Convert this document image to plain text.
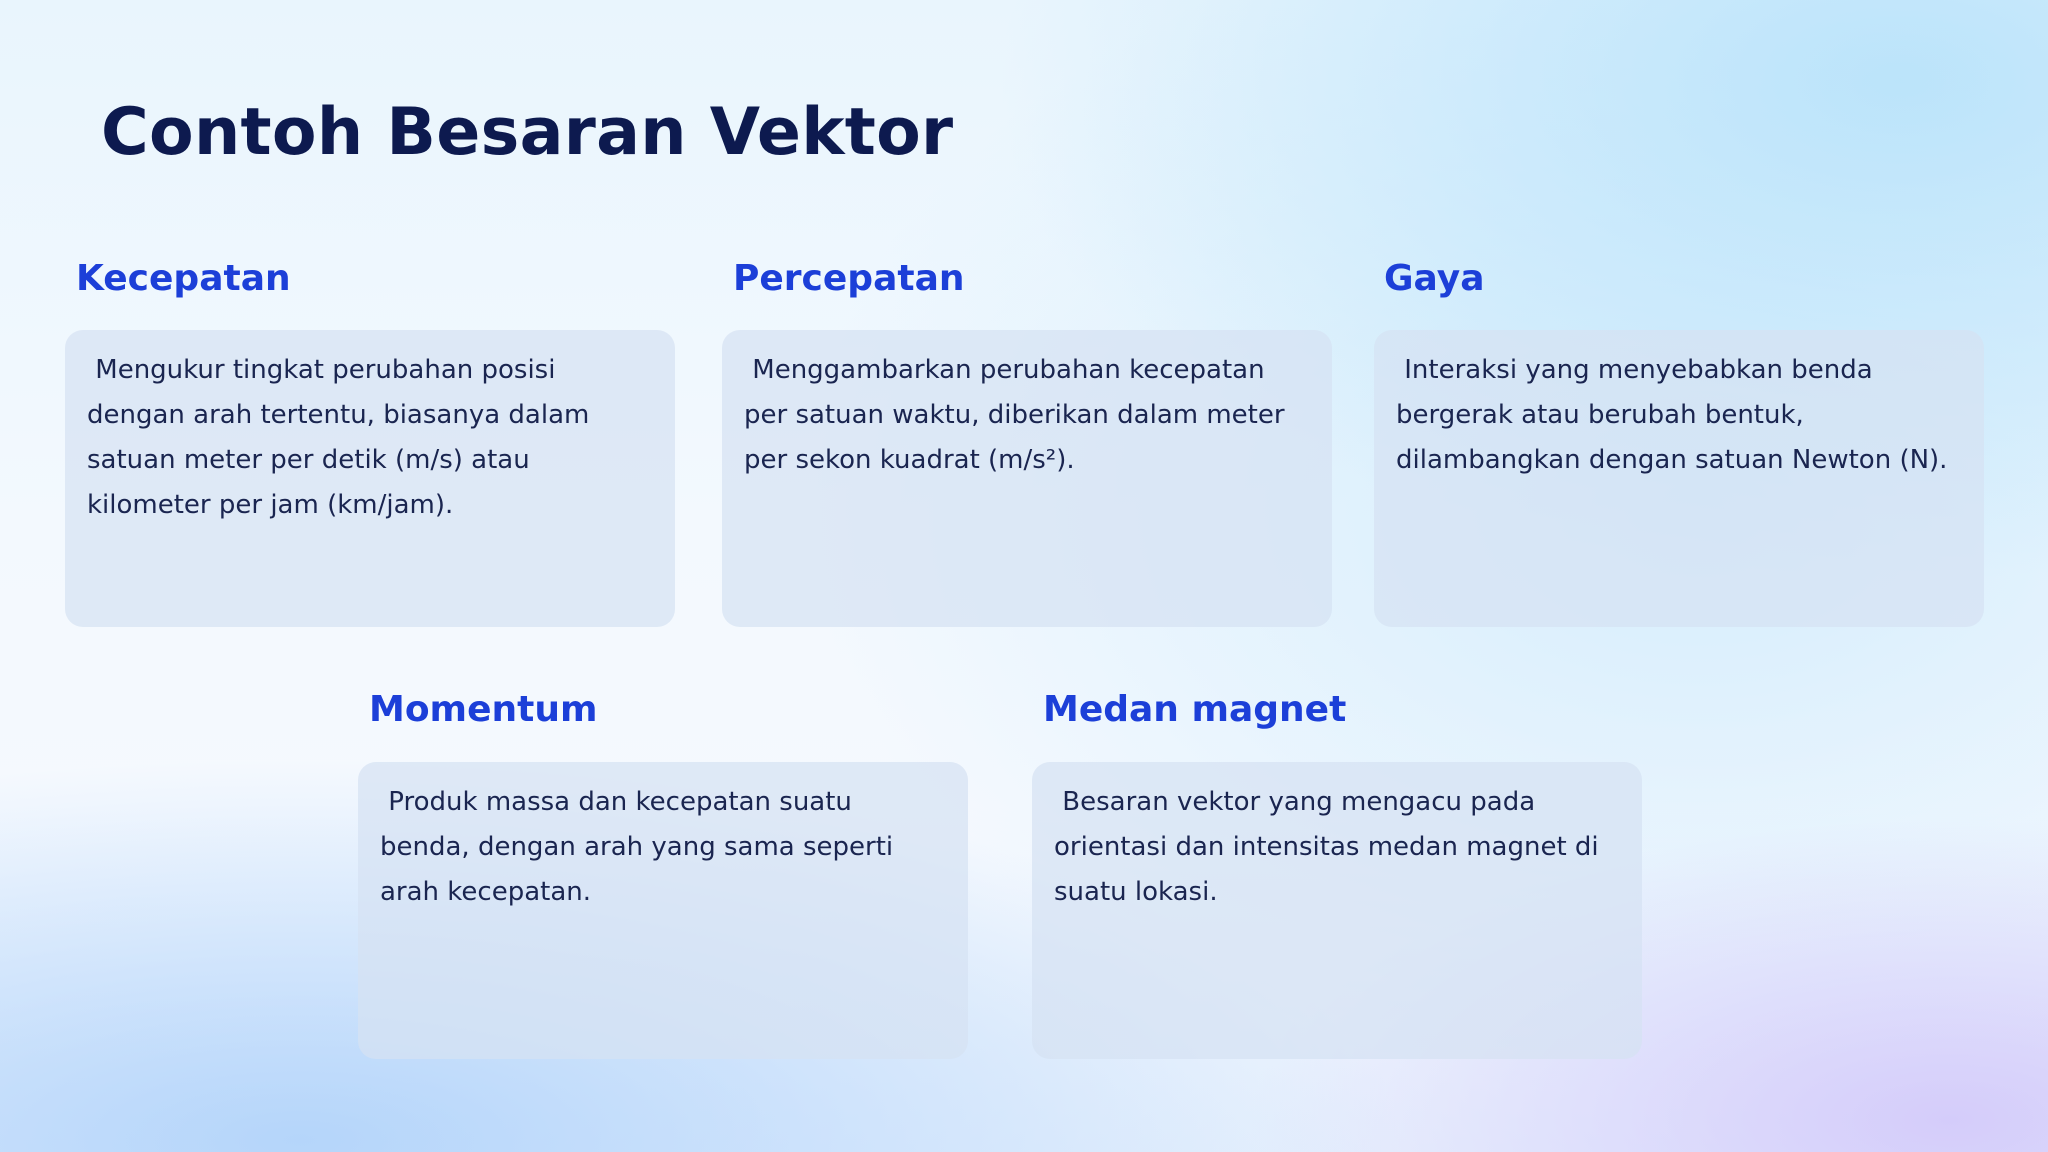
Contoh Besaran Vektor
Kecepatan

Mengukur tingkat perubahan posisi dengan arah tertentu, biasanya dalam satuan meter per detik (m/s) atau kilometer per jam (km/jam).

Percepatan

Menggambarkan perubahan kecepatan per satuan waktu, diberikan dalam meter per sekon kuadrat (m/s²).

Gaya

Interaksi yang menyebabkan benda bergerak atau berubah bentuk, dilambangkan dengan satuan Newton (N).

Momentum

Produk massa dan kecepatan suatu benda, dengan arah yang sama seperti arah kecepatan.

Medan magnet

Besaran vektor yang mengacu pada orientasi dan intensitas medan magnet di suatu lokasi.
